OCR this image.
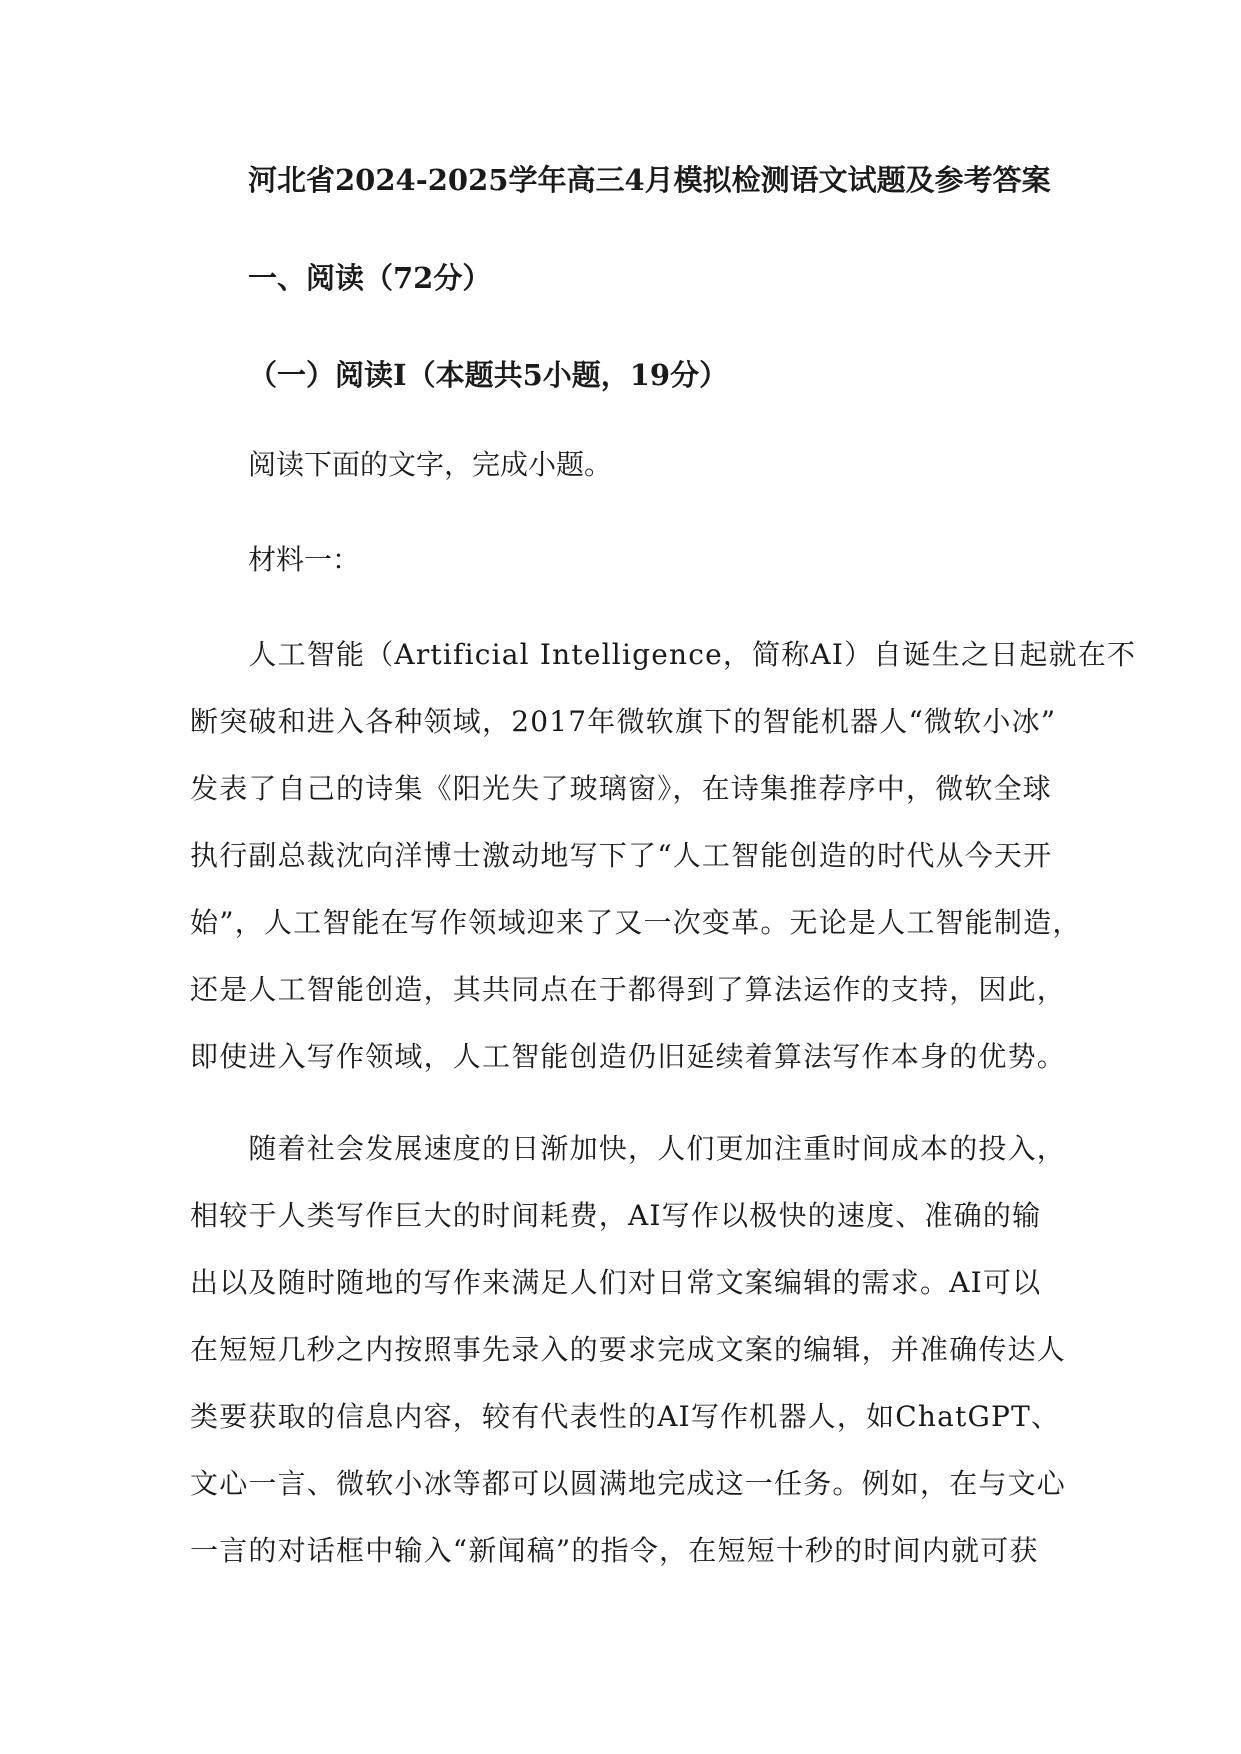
河北省2024-2025学年高三4月模拟检测语文试题及参考答案
一、阅读（72分）
（一）阅读Ⅰ（本题共5小题，19分）
阅读下面的文字，完成小题。
材料一：
　　人工智能（Artificial Intelligence，简称AI）自诞生之日起就在不
断突破和进入各种领域，2017年微软旗下的智能机器人“微软小冰”
发表了自己的诗集《阳光失了玻璃窗》，在诗集推荐序中，微软全球
执行副总裁沈向洋博士激动地写下了“人工智能创造的时代从今天开
始”，人工智能在写作领域迎来了又一次变革。无论是人工智能制造，
还是人工智能创造，其共同点在于都得到了算法运作的支持，因此，
即使进入写作领域，人工智能创造仍旧延续着算法写作本身的优势。
　　随着社会发展速度的日渐加快，人们更加注重时间成本的投入，
相较于人类写作巨大的时间耗费，AI写作以极快的速度、准确的输
出以及随时随地的写作来满足人们对日常文案编辑的需求。AI可以
在短短几秒之内按照事先录入的要求完成文案的编辑，并准确传达人
类要获取的信息内容，较有代表性的AI写作机器人，如ChatGPT、
文心一言、微软小冰等都可以圆满地完成这一任务。例如，在与文心
一言的对话框中输入“新闻稿”的指令，在短短十秒的时间内就可获
